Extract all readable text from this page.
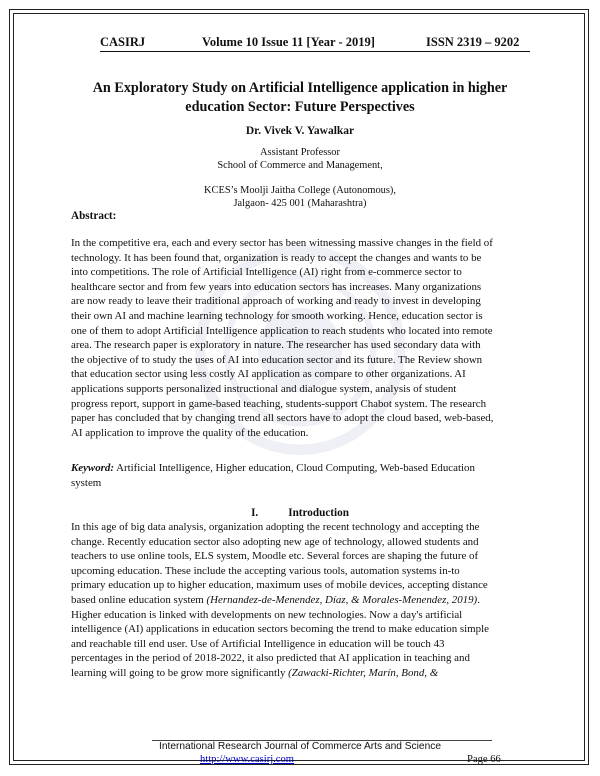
CASIRJ	Volume 10 Issue 11 [Year - 2019]	ISSN 2319 – 9202
An Exploratory Study on Artificial Intelligence application in higher
education Sector: Future Perspectives
Dr. Vivek V. Yawalkar
Assistant Professor
School of Commerce and Management,
KCES’s Moolji Jaitha College (Autonomous),
Jalgaon- 425 001 (Maharashtra)
Abstract:
In the competitive era, each and every sector has been witnessing massive changes in the field of
technology. It has been found that, organization is ready to accept the changes and wants to be
into competitions. The role of Artificial Intelligence (AI) right from e-commerce sector to
healthcare sector and from few years into education sectors has increases. Many organizations
are now ready to leave their traditional approach of working and ready to invest in developing
their own AI and machine learning technology for smooth working. Hence, education sector is
one of them to adopt Artificial Intelligence application to reach students who located into remote
area. The research paper is exploratory in nature. The researcher has used secondary data with
the objective of to study the uses of AI into education sector and its future. The Review shown
that education sector using less costly AI application as compare to other organizations. AI
applications supports personalized instructional and dialogue system, analysis of student
progress report, support in game-based teaching, students-support Chabot system. The research
paper has concluded that by changing trend all sectors have to adopt the cloud based, web-based,
AI application to improve the quality of the education.
Keyword: Artificial Intelligence, Higher education, Cloud Computing, Web-based Education
system
I.	Introduction
In this age of big data analysis, organization adopting the recent technology and accepting the
change. Recently education sector also adopting new age of technology, allowed students and
teachers to use online tools, ELS system, Moodle etc. Several forces are shaping the future of
upcoming education. These include the accepting various tools, automation systems in-to
primary education up to higher education, maximum uses of mobile devices, accepting distance
based online education system (Hernandez-de-Menendez, Díaz, & Morales-Menendez, 2019).
Higher education is linked with developments on new technologies. Now a day's artificial
intelligence (AI) applications in education sectors becoming the trend to make education simple
and reachable till end user. Use of Artificial Intelligence in education will be touch 43
percentages in the period of 2018-2022, it also predicted that AI application in teaching and
learning will going to be grow more significantly (Zawacki-Richter, Marín, Bond, &
International Research Journal of Commerce Arts and Science
http://www.casirj.com	Page 66
